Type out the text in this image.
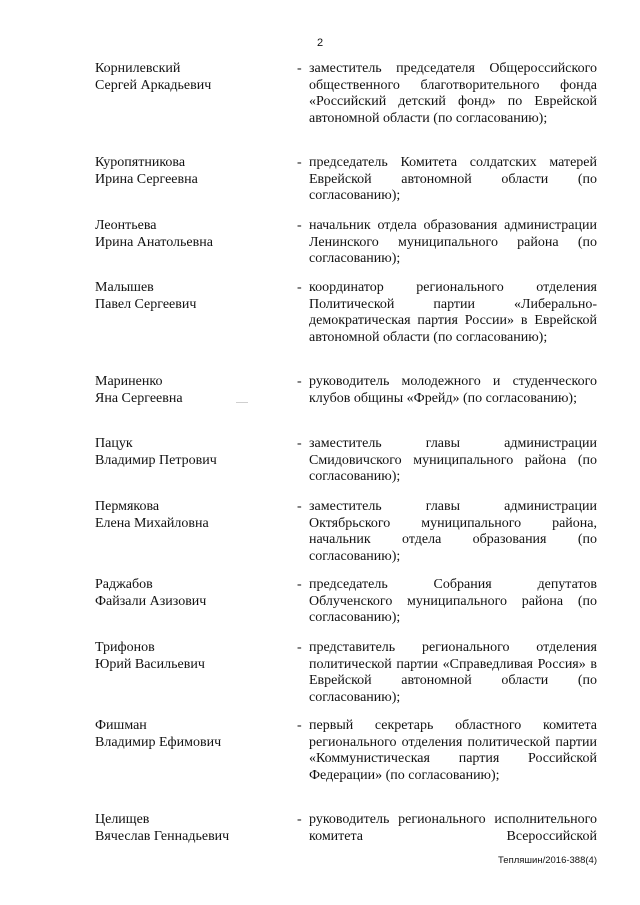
2
Корнилевский
Сергей Аркадьевич
- заместитель председателя Общероссийского общественного благотворительного фонда «Российский детский фонд» по Еврейской автономной области (по согласованию);
Куропятникова
Ирина Сергеевна
- председатель Комитета солдатских матерей Еврейской автономной области (по согласованию);
Леонтьева
Ирина Анатольевна
- начальник отдела образования администрации Ленинского муниципального района (по согласованию);
Малышев
Павел Сергеевич
- координатор регионального отделения Политической партии «Либерально-демократическая партия России» в Еврейской автономной области (по согласованию);
Мариненко
Яна Сергеевна
- руководитель молодежного и студенческого клубов общины «Фрейд» (по согласованию);
Пацук
Владимир Петрович
- заместитель главы администрации Смидовичского муниципального района (по согласованию);
Пермякова
Елена Михайловна
- заместитель главы администрации Октябрьского муниципального района, начальник отдела образования (по согласованию);
Раджабов
Файзали Азизович
- председатель Собрания депутатов Облученского муниципального района (по согласованию);
Трифонов
Юрий Васильевич
- представитель регионального отделения политической партии «Справедливая Россия» в Еврейской автономной области (по согласованию);
Фишман
Владимир Ефимович
- первый секретарь областного комитета регионального отделения политической партии «Коммунистическая партия Российской Федерации» (по согласованию);
Целищев
Вячеслав Геннадьевич
- руководитель регионального исполнительного комитета Всероссийской
Тепляшин/2016-388(4)
